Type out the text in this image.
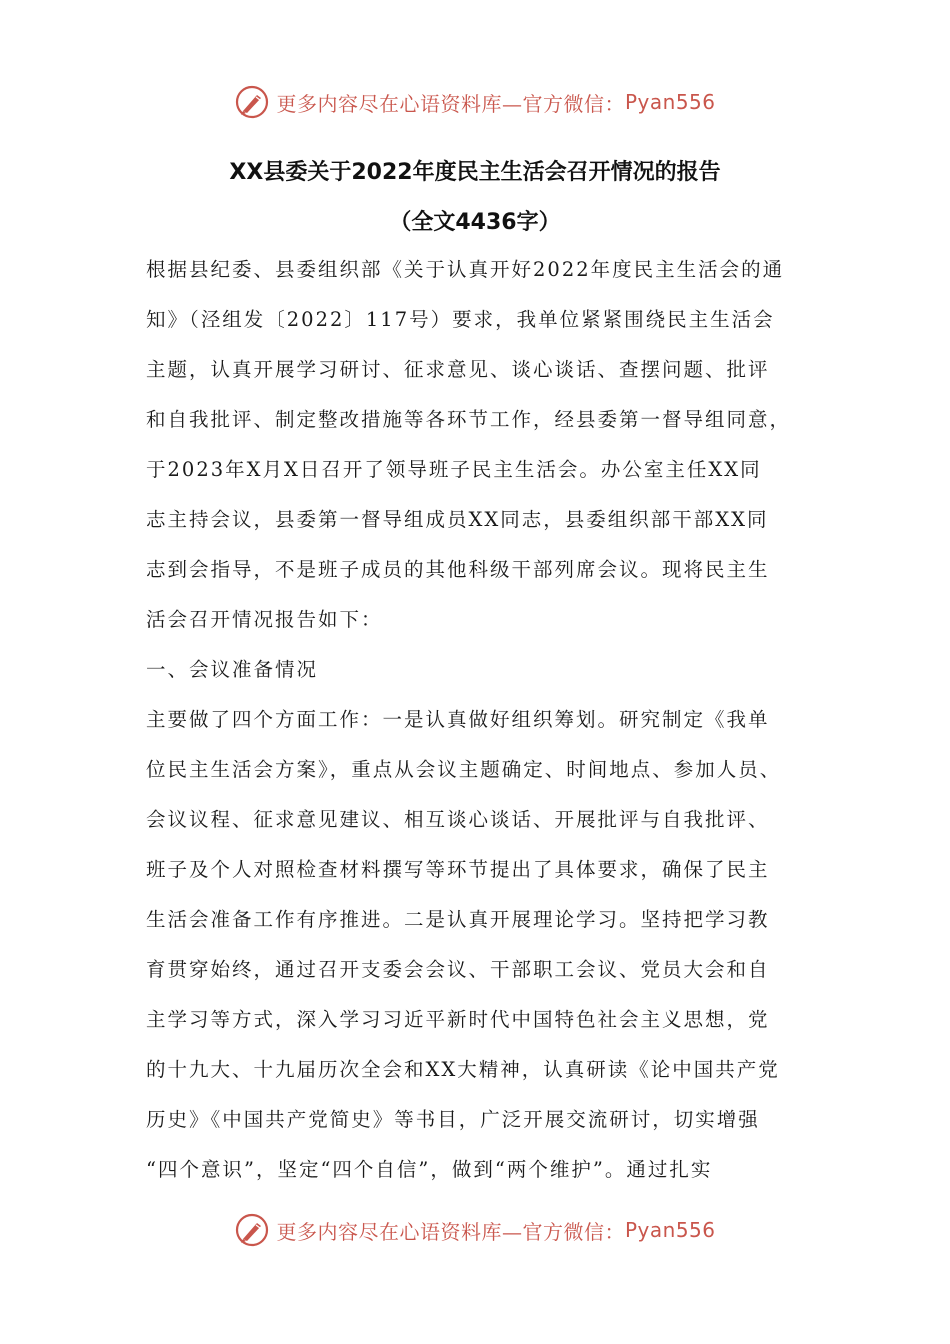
更多内容尽在心语资料库—官方微信： Pyan556
XX县委关于2022年度民主生活会召开情况的报告
（全文4436字）
根据县纪委、县委组织部《关于认真开好2022年度民主生活会的通
知》（泾组发〔2022〕117号）要求，我单位紧紧围绕民主生活会
主题，认真开展学习研讨、征求意见、谈心谈话、查摆问题、批评
和自我批评、制定整改措施等各环节工作，经县委第一督导组同意，
于2023年X月X日召开了领导班子民主生活会。办公室主任XX同
志主持会议，县委第一督导组成员XX同志，县委组织部干部XX同
志到会指导，不是班子成员的其他科级干部列席会议。现将民主生
活会召开情况报告如下：
一、会议准备情况
主要做了四个方面工作：一是认真做好组织筹划。研究制定《我单
位民主生活会方案》，重点从会议主题确定、时间地点、参加人员、
会议议程、征求意见建议、相互谈心谈话、开展批评与自我批评、
班子及个人对照检查材料撰写等环节提出了具体要求，确保了民主
生活会准备工作有序推进。二是认真开展理论学习。坚持把学习教
育贯穿始终，通过召开支委会会议、干部职工会议、党员大会和自
主学习等方式，深入学习习近平新时代中国特色社会主义思想，党
的十九大、十九届历次全会和XX大精神，认真研读《论中国共产党
历史》《中国共产党简史》等书目，广泛开展交流研讨，切实增强
“四个意识”，坚定“四个自信”，做到“两个维护”。通过扎实
更多内容尽在心语资料库—官方微信： Pyan556
